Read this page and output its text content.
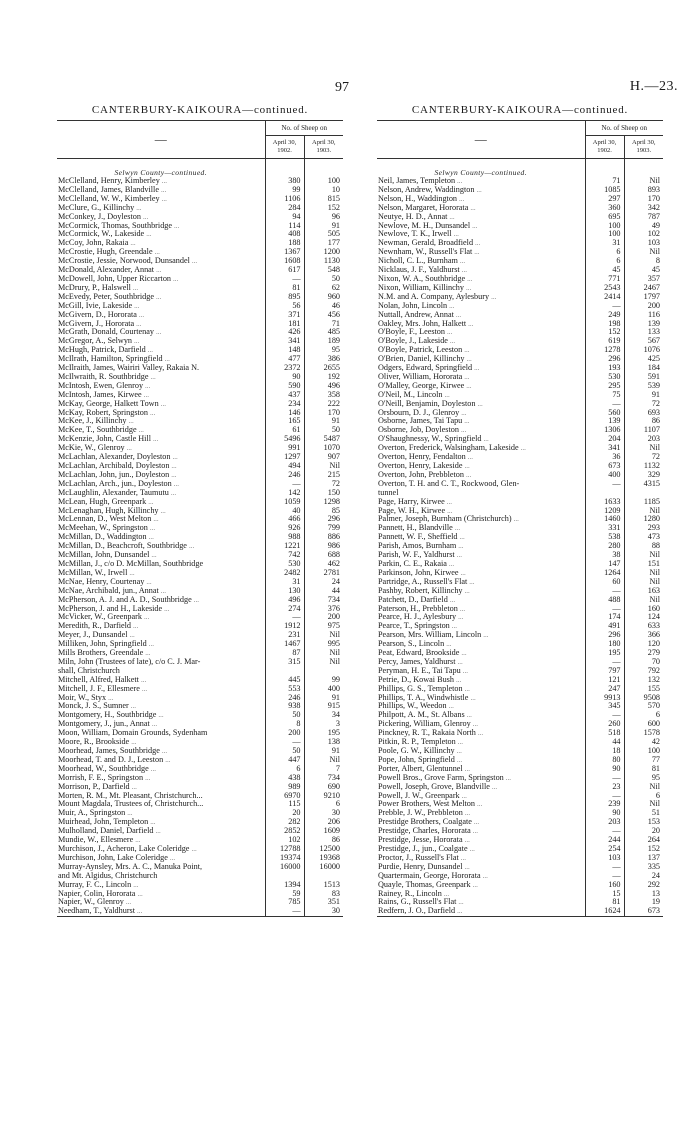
97	H.—23.
CANTERBURY-KAIKOURA—continued.
—	No. of Sheep on	
	April 30, 1902.	April 30, 1903.
Selwyn County—continued.		
McClelland, Henry, Kimberley ...	380	100
McClelland, James, Blandville ...	99	10
McClelland, W. W., Kimberley ...	1106	815
McClure, G., Killinchy ...	284	152
McConkey, J., Doyleston ...	94	96
McCormick, Thomas, Southbridge ...	114	91
McCormick, W., Lakeside ...	408	505
McCoy, John, Rakaia ...	188	177
McCrostie, Hugh, Greendale ...	1367	1200
McCrostie, Jessie, Norwood, Dunsandel ...	1608	1130
McDonald, Alexander, Annat ...	617	548
McDowell, John, Upper Riccarton ...	—	50
McDrury, P., Halswell ...	81	62
McEvedy, Peter, Southbridge ...	895	960
McGill, Ivie, Lakeside ...	56	46
McGivern, D., Hororata ...	371	456
McGivern, J., Hororata ...	181	71
McGrath, Donald, Courtenay ...	426	485
McGregor, A., Selwyn ...	341	189
McHugh, Patrick, Darfield ...	148	95
McIlrath, Hamilton, Springfield ...	477	386
McIlraith, James, Wairiri Valley, Rakaia N.	2372	2655
McIlwraith, R. Southbridge ...	90	192
McIntosh, Ewen, Glenroy ...	590	496
McIntosh, James, Kirwee ...	437	358
McKay, George, Halkett Town ...	234	222
McKay, Robert, Springston ...	146	170
McKee, J., Killinchy ...	165	91
McKee, T., Southbridge ...	61	50
McKenzie, John, Castle Hill ...	5496	5487
McKie, W., Glenroy ...	991	1070
McLachlan, Alexander, Doyleston ...	1297	907
McLachlan, Archibald, Doyleston ...	494	Nil
McLachlan, John, jun., Doyleston ...	246	215
McLachlan, Arch., jun., Doyleston ...	—	72
McLaughlin, Alexander, Taumutu ...	142	150
McLean, Hugh, Greenpark ...	1059	1298
McLenaghan, Hugh, Killinchy ...	40	85
McLennan, D., West Melton ...	466	296
McMeehan, W., Springston ...	926	799
McMillan, D., Waddington ...	988	886
McMillan, D., Beachcroft, Southbridge ...	1221	986
McMillan, John, Dunsandel ...	742	688
McMillan, J., c/o D. McMillan, Southbridge	530	462
McMillan, W., Irwell ...	2482	2781
McNae, Henry, Courtenay ...	31	24
McNae, Archibald, jun., Annat ...	130	44
McPherson, A. J. and A. D., Southbridge ...	496	734
McPherson, J. and H., Lakeside ...	274	376
McVicker, W., Greenpark ...	—	200
Meredith, R., Darfield ...	1912	975
Meyer, J., Dunsandel ...	231	Nil
Milliken, John, Springfield ...	1467	995
Mills Brothers, Greendale ...	87	Nil
Miln, John (Trustees of late), c/o C. J. Mar-	315	Nil
shall, Christchurch		
Mitchell, Alfred, Halkett ...	445	99
Mitchell, J. F., Ellesmere ...	553	400
Moir, W., Styx ...	246	91
Monck, J. S., Sumner ...	938	915
Montgomery, H., Southbridge ...	50	34
Montgomery, J., jun., Annat ...	8	3
Moon, William, Domain Grounds, Sydenham	200	195
Moore, R., Brookside ...	—	138
Moorhead, James, Southbridge ...	50	91
Moorhead, T. and D. J., Leeston ...	447	Nil
Moorhead, W., Southbridge ...	6	7
Morrish, F. E., Springston ...	438	734
Morrison, P., Darfield ...	989	690
Morten, R. M., Mt. Pleasant, Christchurch...	6970	9210
Mount Magdala, Trustees of, Christchurch...	115	6
Muir, A., Springston ...	20	30
Muirhead, John, Templeton ...	282	206
Mulholland, Daniel, Darfield ...	2852	1609
Mundie, W., Ellesmere ...	102	86
Murchison, J., Acheron, Lake Coleridge ...	12788	12500
Murchison, John, Lake Coleridge ...	19374	19368
Murray-Aynsley, Mrs. A. C., Manuka Point,	16000	16000
and Mt. Algidus, Christchurch		
Murray, F. C., Lincoln ...	1394	1513
Napier, Colin, Hororata ...	59	83
Napier, W., Glenroy ...	785	351
Needham, T., Yaldhurst ...	—	30
CANTERBURY-KAIKOURA—continued.
—	No. of Sheep on	
	April 30, 1902.	April 30, 1903.
Selwyn County—continued.		
Neil, James, Templeton ...	71	Nil
Nelson, Andrew, Waddington ...	1085	893
Nelson, H., Waddington ...	297	170
Nelson, Margaret, Hororata ...	360	342
Neutye, H. D., Annat ...	695	787
Newlove, M. H., Dunsandel ...	100	49
Newlove, T. K., Irwell ...	100	102
Newman, Gerald, Broadfield ...	31	103
Newnham, W., Russell's Flat ...	6	Nil
Nicholl, C. L., Burnham ...	6	8
Nicklaus, J. F., Yaldhurst ...	45	45
Nixon, W. A., Southbridge ...	771	357
Nixon, William, Killinchy ...	2543	2467
N.M. and A. Company, Aylesbury ...	2414	1797
Nolan, John, Lincoln ...	—	200
Nuttall, Andrew, Annat ...	249	116
Oakley, Mrs. John, Halkett ...	198	139
O'Boyle, F., Leeston ...	152	133
O'Boyle, J., Lakeside ...	619	567
O'Boyle, Patrick, Leeston ...	1278	1076
O'Brien, Daniel, Killinchy ...	296	425
Odgers, Edward, Springfield ...	193	184
Oliver, William, Hororata ...	530	591
O'Malley, George, Kirwee ...	295	539
O'Neil, M., Lincoln ...	75	91
O'Neill, Benjamin, Doyleston ...	—	72
Orsbourn, D. J., Glenroy ...	560	693
Osborne, James, Tai Tapu ...	139	86
Osborne, Job, Doyleston ...	1306	1107
O'Shaughnessy, W., Springfield ...	204	203
Overton, Frederick, Walsingham, Lakeside ...	341	Nil
Overton, Henry, Fendalton ...	36	72
Overton, Henry, Lakeside ...	673	1132
Overton, John, Prebbleton ...	400	329
Overton, T. H. and C. T., Rockwood, Glen-	—	4315
tunnel		
Page, Harry, Kirwee ...	1633	1185
Page, W. H., Kirwee ...	1209	Nil
Palmer, Joseph, Burnham (Christchurch) ...	1460	1280
Pannett, H., Blandville ...	331	293
Pannett, W. F., Sheffield ...	538	473
Parish, Amos, Burnham ...	280	88
Parish, W. F., Yaldhurst ...	38	Nil
Parkin, C. E., Rakaia ...	147	151
Parkinson, John, Kirwee ...	1264	Nil
Partridge, A., Russell's Flat ...	60	Nil
Pashby, Robert, Killinchy ...	—	163
Patchett, D., Darfield ...	488	Nil
Paterson, H., Prebbleton ...	—	160
Pearce, H. J., Aylesbury ...	174	124
Pearce, T., Springston ...	491	633
Pearson, Mrs. William, Lincoln ...	296	366
Pearson, S., Lincoln ...	180	120
Peat, Edward, Brookside ...	195	279
Percy, James, Yaldhurst ...	—	70
Peryman, H. E., Tai Tapu ...	797	792
Petrie, D., Kowai Bush ...	121	132
Phillips, G. S., Templeton ...	247	155
Phillips, T. A., Windwhistle ...	9913	9508
Phillips, W., Weedon ...	345	570
Philpott, A. M., St. Albans ...	—	6
Pickering, William, Glenroy ...	260	600
Pinckney, R. T., Rakaia North ...	518	1578
Pitkin, R. P., Templeton ...	44	42
Poole, G. W., Killinchy ...	18	100
Pope, John, Springfield ...	80	77
Porter, Albert, Glentunnel ...	90	81
Powell Bros., Grove Farm, Springston ...	—	95
Powell, Joseph, Grove, Blandville ...	23	Nil
Powell, J. W., Greenpark ...	—	6
Power Brothers, West Melton ...	239	Nil
Prebble, J. W., Prebbleton ...	90	51
Prestidge Brothers, Coalgate ...	203	153
Prestidge, Charles, Hororata ...	—	20
Prestidge, Jesse, Hororata ...	244	264
Prestidge, J., jun., Coalgate ...	254	152
Proctor, J., Russell's Flat ...	103	137
Purdie, Henry, Dunsandel ...	—	335
Quartermain, George, Hororata ...	—	24
Quayle, Thomas, Greenpark ...	160	292
Rainey, R., Lincoln ...	15	13
Rains, G., Russell's Flat ...	81	19
Redfern, J. O., Darfield ...	1624	673
